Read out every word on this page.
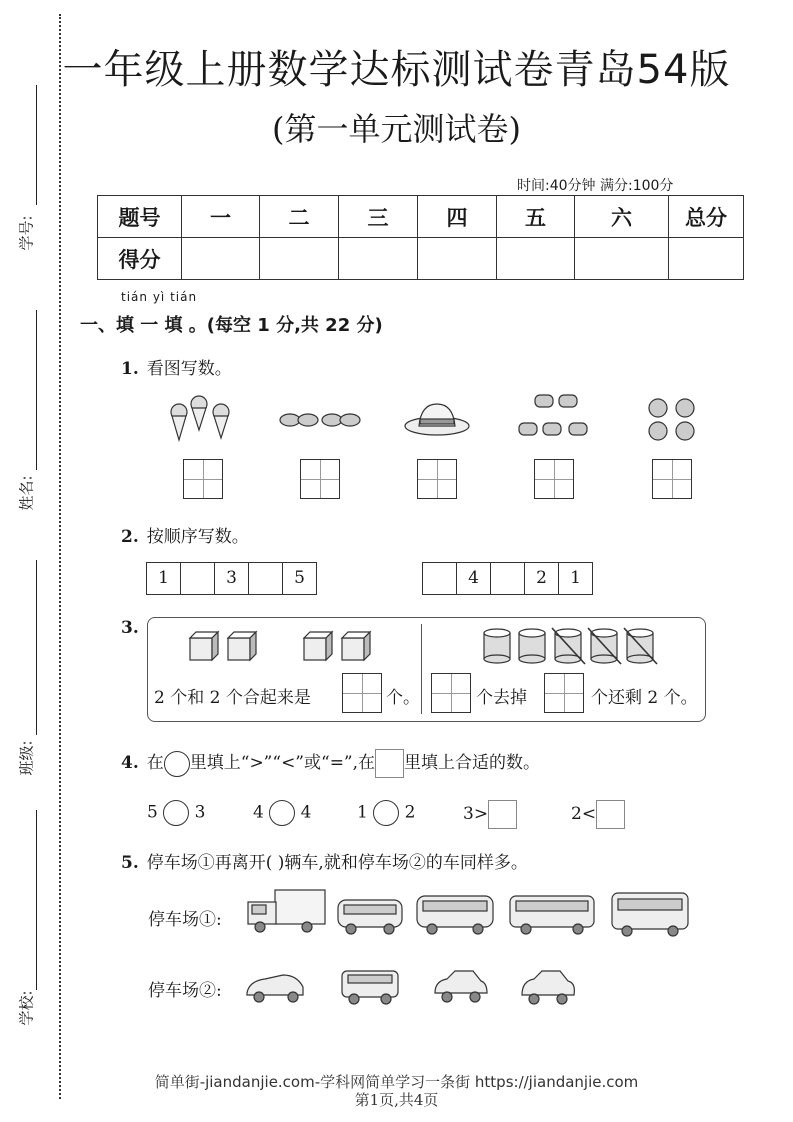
学号:
姓名:
班级:
学校:
一年级上册数学达标测试卷青岛54版
(第一单元测试卷)
时间:40分钟 满分:100分
题号	一	二	三	四	五	六	总分
得分							
tián yì tián
一、填 一 填 。(每空 1 分,共 22 分)
1. 看图写数。
2. 按顺序写数。
1	3	5	4	2	1
3.
2 个和 2 个合起来是	个。	个去掉	个还剩 2 个。
4. 在 里填上“>”“<”或“=”,在 里填上合适的数。
5 3	4 4	1 2	3>	2<
5. 停车场①再离开( )辆车,就和停车场②的车同样多。
停车场①:
停车场②:
简单街-jiandanjie.com-学科网简单学习一条街 https://jiandanjie.com
第1页,共4页
